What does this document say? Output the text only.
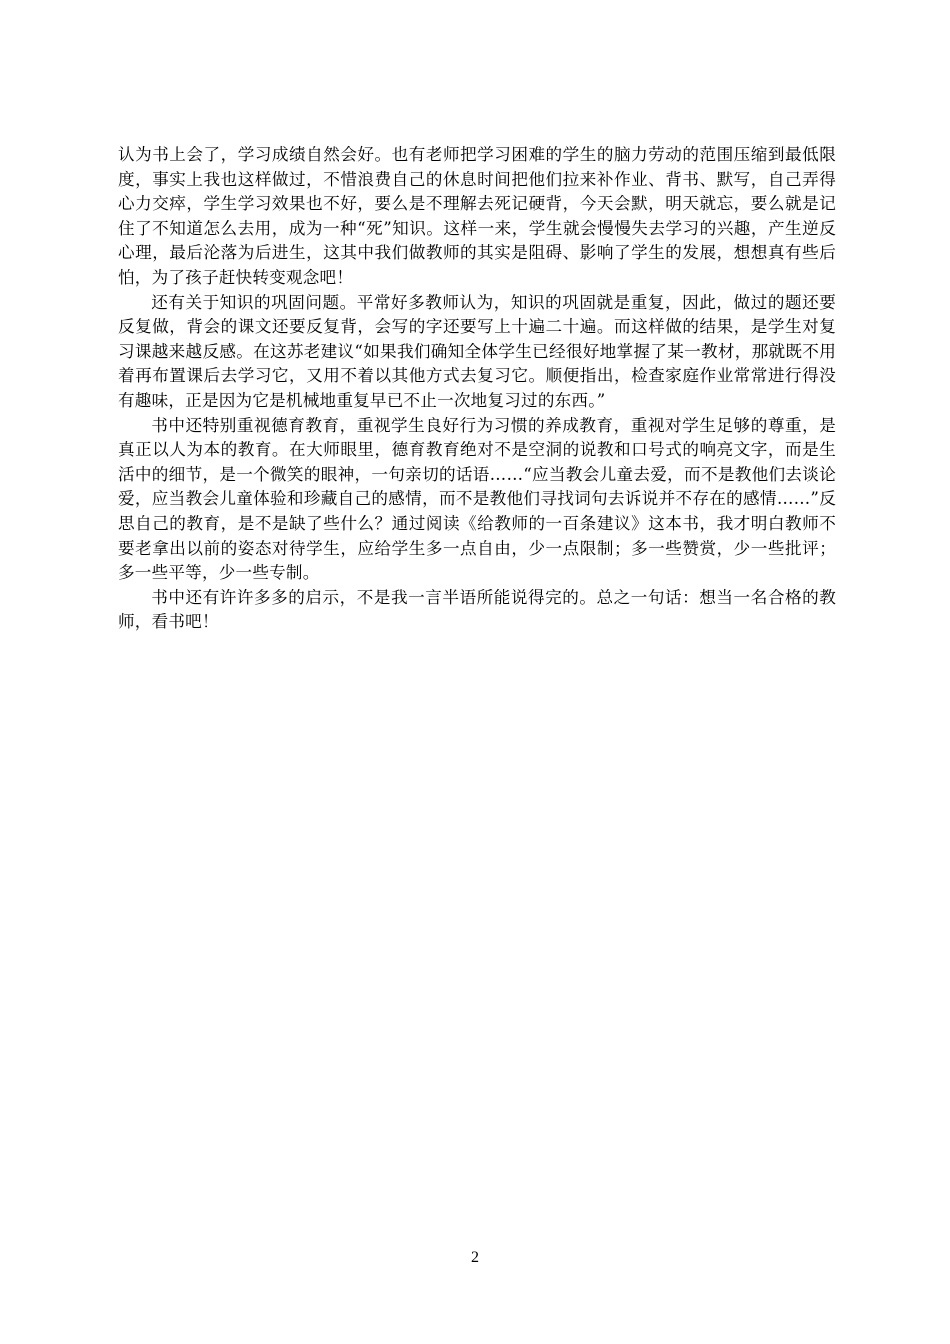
认为书上会了，学习成绩自然会好。也有老师把学习困难的学生的脑力劳动的范围压缩到最低限度，事实上我也这样做过，不惜浪费自己的休息时间把他们拉来补作业、背书、默写，自己弄得心力交瘁，学生学习效果也不好，要么是不理解去死记硬背，今天会默，明天就忘，要么就是记住了不知道怎么去用，成为一种“死”知识。这样一来，学生就会慢慢失去学习的兴趣，产生逆反心理，最后沦落为后进生，这其中我们做教师的其实是阻碍、影响了学生的发展，想想真有些后怕，为了孩子赶快转变观念吧！

还有关于知识的巩固问题。平常好多教师认为，知识的巩固就是重复，因此，做过的题还要反复做，背会的课文还要反复背，会写的字还要写上十遍二十遍。而这样做的结果，是学生对复习课越来越反感。在这苏老建议“如果我们确知全体学生已经很好地掌握了某一教材，那就既不用着再布置课后去学习它，又用不着以其他方式去复习它。顺便指出，检查家庭作业常常进行得没有趣味，正是因为它是机械地重复早已不止一次地复习过的东西。”

书中还特别重视德育教育，重视学生良好行为习惯的养成教育，重视对学生足够的尊重，是真正以人为本的教育。在大师眼里，德育教育绝对不是空洞的说教和口号式的响亮文字，而是生活中的细节，是一个微笑的眼神，一句亲切的话语……“应当教会儿童去爱，而不是教他们去谈论爱，应当教会儿童体验和珍藏自己的感情，而不是教他们寻找词句去诉说并不存在的感情……”反思自己的教育，是不是缺了些什么？通过阅读《给教师的一百条建议》这本书，我才明白教师不要老拿出以前的姿态对待学生，应给学生多一点自由，少一点限制；多一些赞赏，少一些批评；多一些平等，少一些专制。

书中还有许许多多的启示，不是我一言半语所能说得完的。总之一句话：想当一名合格的教师，看书吧！

2
